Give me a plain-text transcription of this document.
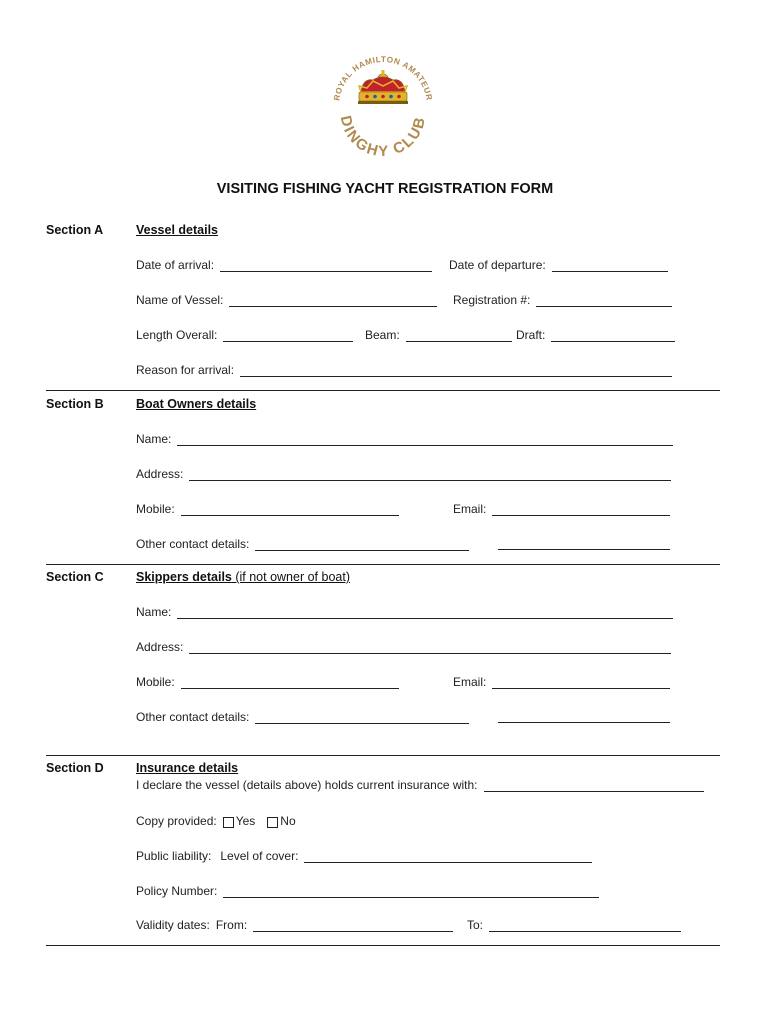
ROYAL HAMILTON AMATEUR
DINGHY CLUB
VISITING FISHING YACHT REGISTRATION FORM
Section A	Vessel details
Date of arrival:	Date of departure:
Name of Vessel:	Registration #:
Length Overall:	Beam:	Draft:
Reason for arrival:
Section B	Boat Owners details
Name:
Address:
Mobile:	Email:
Other contact details:
Section C	Skippers details (if not owner of boat)
Name:
Address:
Mobile:	Email:
Other contact details:
Section D	Insurance details
I declare the vessel (details above) holds current insurance with:
Copy provided: Yes No
Public liability: Level of cover:
Policy Number:
Validity dates: From:	To:
